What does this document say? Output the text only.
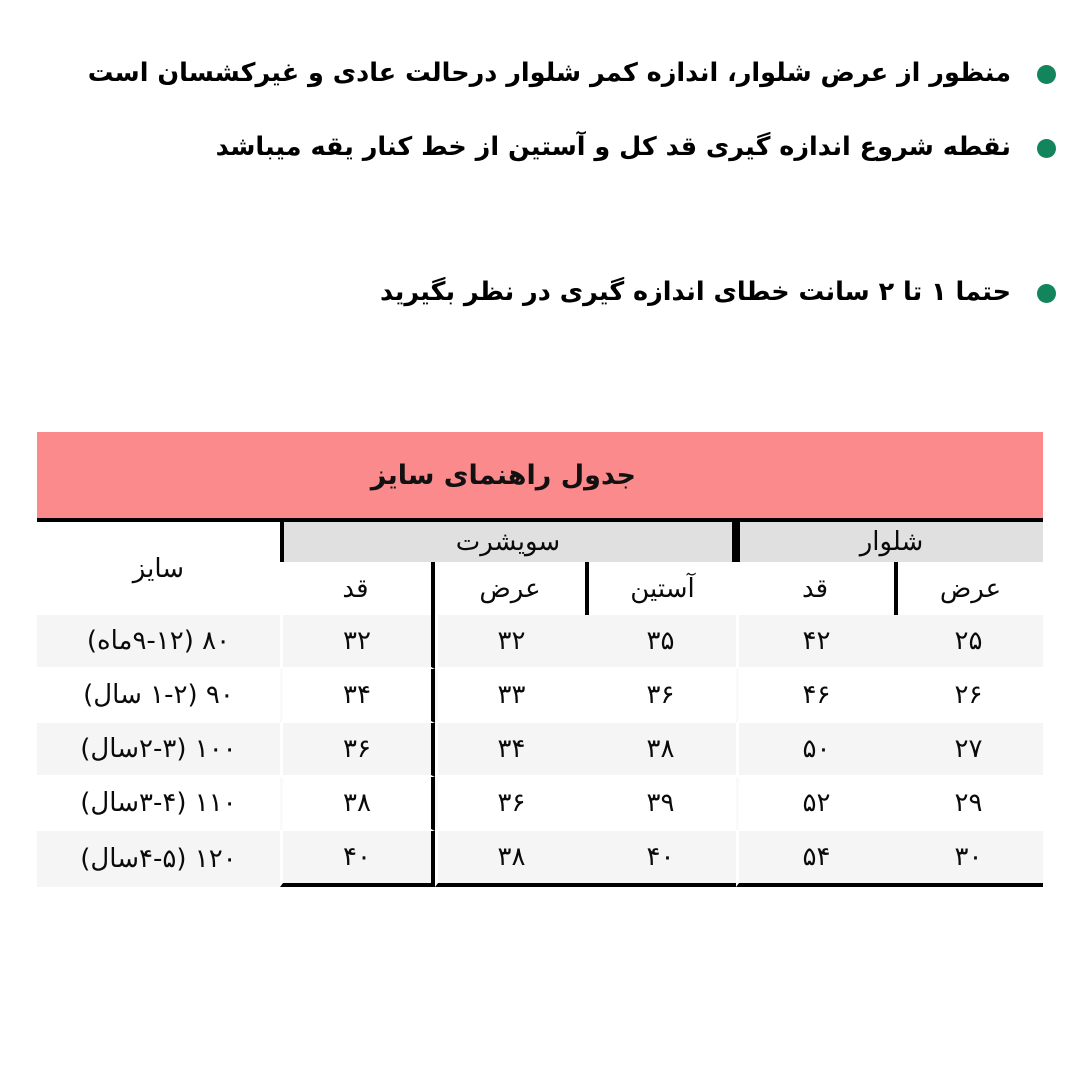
منظور از عرض شلوار، اندازه کمر شلوار درحالت عادی و غیرکشسان است
نقطه شروع اندازه گیری قد کل و آستین از خط کنار یقه میباشد
حتما ۱ تا ۲ سانت خطای اندازه گیری در نظر بگیرید
جدول راهنمای سایز
شلوار		سویشرت			سایز
عرض	قد	آستین	عرض	قد	
۲۵	۴۲	۳۵	۳۲	۳۲	۸۰ (۹-۱۲ماه)
۲۶	۴۶	۳۶	۳۳	۳۴	۹۰ (۱-۲ سال)
۲۷	۵۰	۳۸	۳۴	۳۶	۱۰۰ (۲-۳سال)
۲۹	۵۲	۳۹	۳۶	۳۸	۱۱۰ (۳-۴سال)
۳۰	۵۴	۴۰	۳۸	۴۰	۱۲۰ (۴-۵سال)
